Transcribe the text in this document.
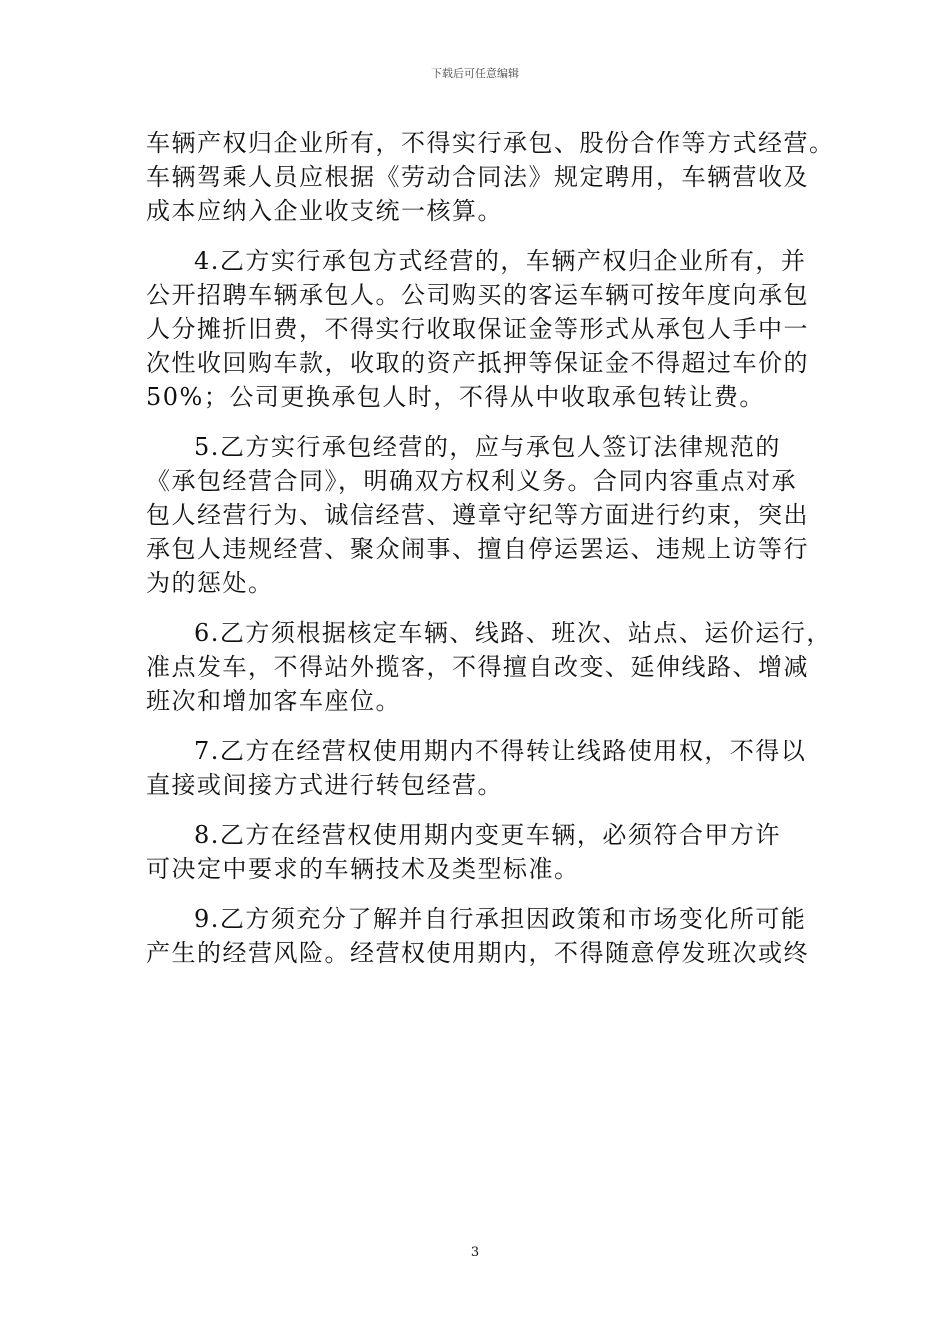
下载后可任意编辑
车辆产权归企业所有，不得实行承包、股份合作等方式经营。
车辆驾乘人员应根据《劳动合同法》规定聘用，车辆营收及
成本应纳入企业收支统一核算。
4.乙方实行承包方式经营的，车辆产权归企业所有，并
公开招聘车辆承包人。公司购买的客运车辆可按年度向承包
人分摊折旧费，不得实行收取保证金等形式从承包人手中一
次性收回购车款，收取的资产抵押等保证金不得超过车价的
50%；公司更换承包人时，不得从中收取承包转让费。
5.乙方实行承包经营的，应与承包人签订法律规范的
《承包经营合同》，明确双方权利义务。合同内容重点对承
包人经营行为、诚信经营、遵章守纪等方面进行约束，突出
承包人违规经营、聚众闹事、擅自停运罢运、违规上访等行
为的惩处。
6.乙方须根据核定车辆、线路、班次、站点、运价运行，
准点发车，不得站外揽客，不得擅自改变、延伸线路、增减
班次和增加客车座位。
7.乙方在经营权使用期内不得转让线路使用权，不得以
直接或间接方式进行转包经营。
8.乙方在经营权使用期内变更车辆，必须符合甲方许
可决定中要求的车辆技术及类型标准。
9.乙方须充分了解并自行承担因政策和市场变化所可能
产生的经营风险。经营权使用期内，不得随意停发班次或终
3
